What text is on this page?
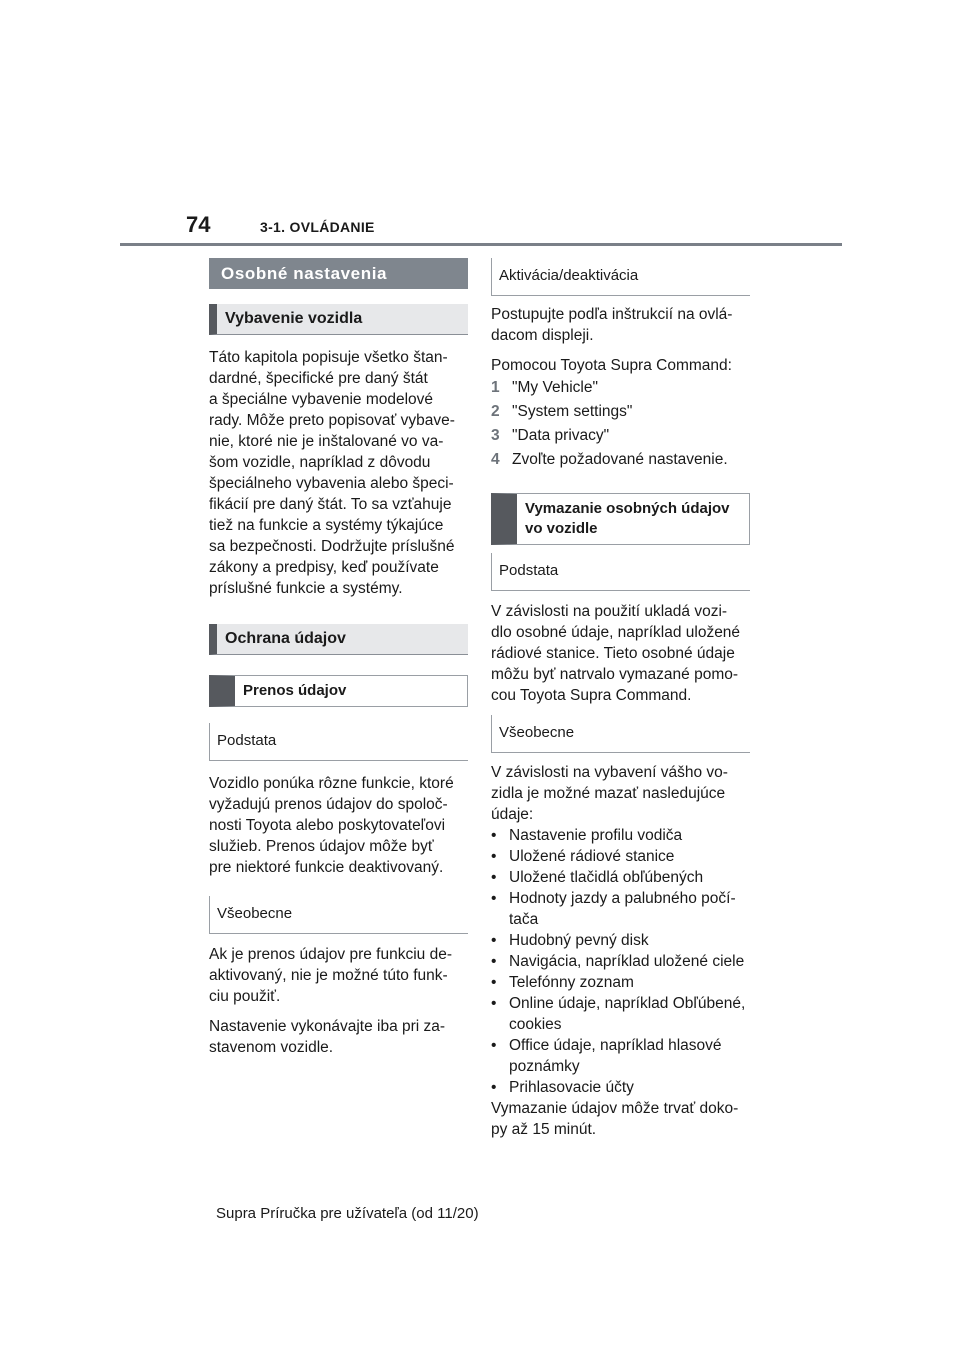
74	3-1. OVLÁDANIE
Osobné nastavenia
Vybavenie vozidla

Táto kapitola popisuje všetko štan-

dardné, špecifické pre daný štát

a špeciálne vybavenie modelové

rady. Môže preto popisovať vybave-

nie, ktoré nie je inštalované vo va-

šom vozidle, napríklad z dôvodu

špeciálneho vybavenia alebo špeci-

fikácií pre daný štát. To sa vzťahuje

tiež na funkcie a systémy týkajúce

sa bezpečnosti. Dodržujte príslušné

zákony a predpisy, keď používate

príslušné funkcie a systémy.

Ochrana údajov
Prenos údajov
Podstata

Vozidlo ponúka rôzne funkcie, ktoré

vyžadujú prenos údajov do spoloč-

nosti Toyota alebo poskytovateľovi

služieb. Prenos údajov môže byť

pre niektoré funkcie deaktivovaný.

Všeobecne

Ak je prenos údajov pre funkciu de-

aktivovaný, nie je možné túto funk-

ciu použiť.

Nastavenie vykonávajte iba pri za-

stavenom vozidle.

Aktivácia/deaktivácia

Postupujte podľa inštrukcií na ovlá-

dacom displeji.

Pomocou Toyota Supra Command:

1 "My Vehicle"
2 "System settings"
3 "Data privacy"
4 Zvoľte požadované nastavenie.
Vymazanie osobných údajov
vo vozidle
Podstata

V závislosti na použití ukladá vozi-

dlo osobné údaje, napríklad uložené

rádiové stanice. Tieto osobné údaje

môžu byť natrvalo vymazané pomo-

cou Toyota Supra Command.

Všeobecne

V závislosti na vybavení vášho vo-

zidla je možné mazať nasledujúce

údaje:

• Nastavenie profilu vodiča
• Uložené rádiové stanice
• Uložené tlačidlá obľúbených
• Hodnoty jazdy a palubného počí-
tača
• Hudobný pevný disk
• Navigácia, napríklad uložené ciele
• Telefónny zoznam
• Online údaje, napríklad Obľúbené,
cookies
• Office údaje, napríklad hlasové
poznámky
• Prihlasovacie účty

Vymazanie údajov môže trvať doko-

py až 15 minút.

Supra Príručka pre užívateľa (od 11/20)
